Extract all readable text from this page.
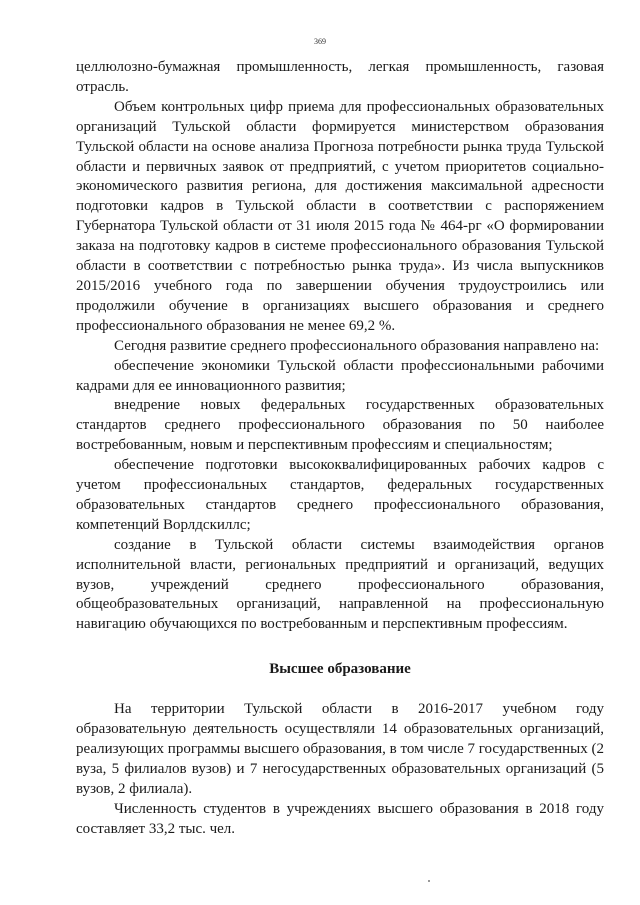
369

целлюлозно-бумажная промышленность, легкая промышленность, газовая отрасль.

Объем контрольных цифр приема для профессиональных образовательных организаций Тульской области формируется министерством образования Тульской области на основе анализа Прогноза потребности рынка труда Тульской области и первичных заявок от предприятий, с учетом приоритетов социально-экономического развития региона, для достижения максимальной адресности подготовки кадров в Тульской области в соответствии с распоряжением Губернатора Тульской области от 31 июля 2015 года № 464-рг «О формировании заказа на подготовку кадров в системе профессионального образования Тульской области в соответствии с потребностью рынка труда». Из числа выпускников 2015/2016 учебного года по завершении обучения трудоустроились или продолжили обучение в организациях высшего образования и среднего профессионального образования не менее 69,2 %.

Сегодня развитие среднего профессионального образования направлено на:

обеспечение экономики Тульской области профессиональными рабочими кадрами для ее инновационного развития;

внедрение новых федеральных государственных образовательных стандартов среднего профессионального образования по 50 наиболее востребованным, новым и перспективным профессиям и специальностям;

обеспечение подготовки высококвалифицированных рабочих кадров с учетом профессиональных стандартов, федеральных государственных образовательных стандартов среднего профессионального образования, компетенций Ворлдскиллс;

создание в Тульской области системы взаимодействия органов исполнительной власти, региональных предприятий и организаций, ведущих вузов, учреждений среднего профессионального образования, общеобразовательных организаций, направленной на профессиональную навигацию обучающихся по востребованным и перспективным профессиям.

Высшее образование

На территории Тульской области в 2016-2017 учебном году образовательную деятельность осуществляли 14 образовательных организаций, реализующих программы высшего образования, в том числе 7 государственных (2 вуза, 5 филиалов вузов) и 7 негосударственных образовательных организаций (5 вузов, 2 филиала).

Численность студентов в учреждениях высшего образования в 2018 году составляет 33,2 тыс. чел.
